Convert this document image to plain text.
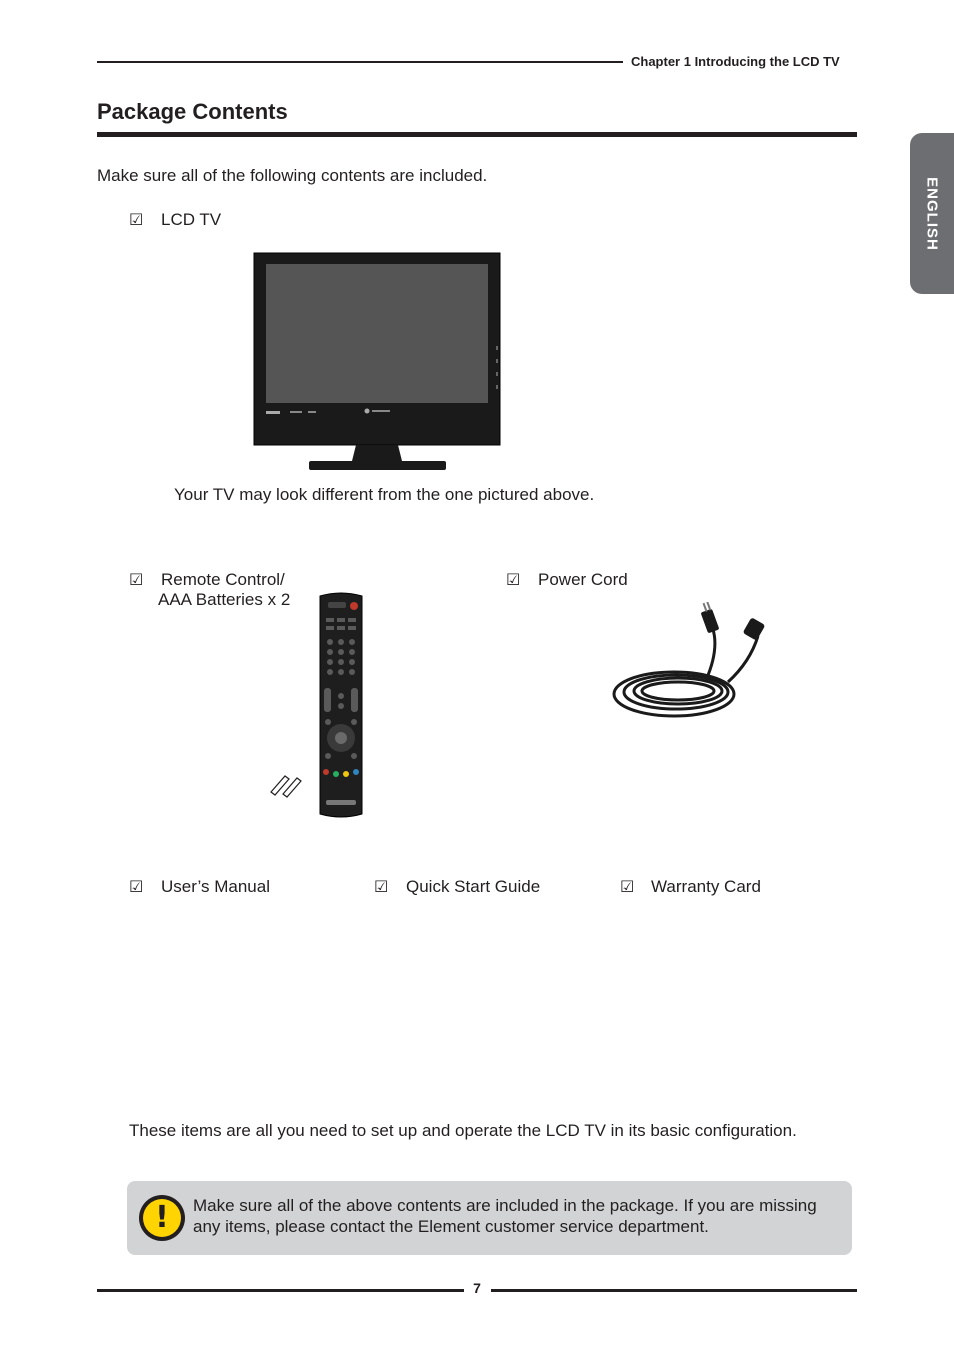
Chapter 1 Introducing the LCD TV
ENGLISH
Package Contents
Make sure all of the following contents are included.
☑ LCD TV
Your TV may look different from the one pictured above.
☑ Remote Control/
AAA Batteries x 2
☑ Power Cord
☑ User’s Manual	☑ Quick Start Guide	☑ Warranty Card
These items are all you need to set up and operate the LCD TV in its basic configuration.
!	Make sure all of the above contents are included in the package. If you are missing any items, please contact the Element customer service department.
7
